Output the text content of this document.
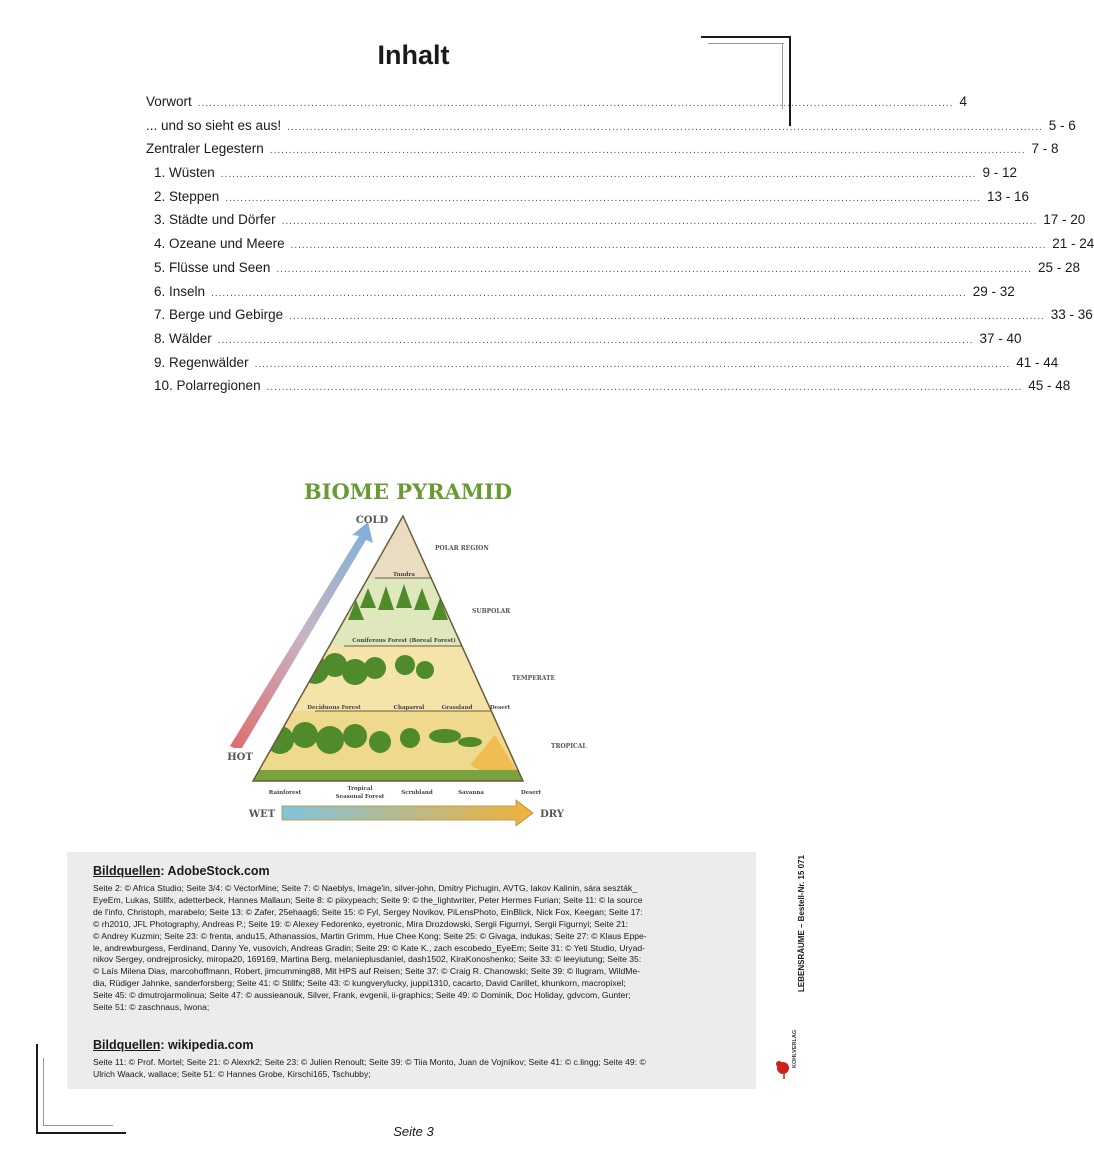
Inhalt
Vorwort ........................................................................................................................................................................................................ 4
... und so sieht es aus! ........................................................................................................................................................................................................ 5 - 6
Zentraler Legestern ........................................................................................................................................................................................................ 7 - 8
1. Wüsten ........................................................................................................................................................................................................ 9 - 12
2. Steppen ........................................................................................................................................................................................................ 13 - 16
3. Städte und Dörfer ........................................................................................................................................................................................................ 17 - 20
4. Ozeane und Meere ........................................................................................................................................................................................................ 21 - 24
5. Flüsse und Seen ........................................................................................................................................................................................................ 25 - 28
6. Inseln ........................................................................................................................................................................................................ 29 - 32
7. Berge und Gebirge ........................................................................................................................................................................................................ 33 - 36
8. Wälder ........................................................................................................................................................................................................ 37 - 40
9. Regenwälder ........................................................................................................................................................................................................ 41 - 44
10. Polarregionen ........................................................................................................................................................................................................ 45 - 48
BIOME PYRAMID
COLD
HOT
POLAR REGION
SUBPOLAR
TEMPERATE
TROPICAL
Tundra
Coniferous Forest (Boreal Forest)
Deciduous Forest	Chaparral	Grassland	Desert
Rainforest
Tropical
Seasonal Forest
Scrubland	Savanna	Desert
WET	DRY
Bildquellen: AdobeStock.com
Seite 2: © Africa Studio; Seite 3/4: © VectorMine; Seite 7: © Naeblys, Image'in, silver-john, Dmitry Pichugin, AVTG, Iakov Kalinin, sára seszták_
EyeEm, Lukas, Stillfx, adetterbeck, Hannes Mallaun; Seite 8: © piixypeach; Seite 9: © the_lightwriter, Peter Hermes Furian; Seite 11: © la source
de l'info, Christoph, marabelo; Seite 13: © Zafer, 25ehaag6; Seite 15: © Fyl, Sergey Novikov, PiLensPhoto, EinBlick, Nick Fox, Keegan; Seite 17:
© rh2010, JFL Photography, Andreas P.; Seite 19: © Alexey Fedorenko, eyetronic, Mira Drozdowski, Sergii Figurnyi, Sergii Figurnyi; Seite 21:
© Andrey Kuzmin; Seite 23: © frenta, andu15, Athanassios, Martin Grimm, Hue Chee Kong; Seite 25: © Givaga, indukas; Seite 27: © Klaus Eppe-
le, andrewburgess, Ferdinand, Danny Ye, vusovich, Andreas Gradin; Seite 29: © Kate K., zach escobedo_EyeEm; Seite 31: © Yeti Studio, Uryad-
nikov Sergey, ondrejprosicky, miropa20, 169169, Martina Berg, melanieplusdaniel, dash1502, KiraKonoshenko; Seite 33: © leeyiutung; Seite 35:
© Laís Milena Dias, marcohoffmann, Robert, jimcumming88, Mit HPS auf Reisen; Seite 37: © Craig R. Chanowski; Seite 39: © llugram, WildMe-
dia, Rüdiger Jahnke, sanderforsberg; Seite 41: © Stillfx; Seite 43: © kungverylucky, juppi1310, cacarto, David Carillet, khunkorn, macropixel;
Seite 45: © dmutrojarmolinua; Seite 47: © aussieanouk, Silver, Frank, evgenii, ii-graphics; Seite 49: © Dominik, Doc Holiday, gdvcom, Gunter;
Seite 51: © zaschnaus, Iwona;
Bildquellen: wikipedia.com
Seite 11: © Prof. Mortel; Seite 21: © Alexrk2; Seite 23: © Julien Renoult; Seite 39: © Tiia Monto, Juan de Vojníkov; Seite 41: © c.lingg; Seite 49: ©
Ulrich Waack, wallace; Seite 51: © Hannes Grobe, Kirschi165, Tschubby;
LEBENSRÄUME – Bestell-Nr. 15 071
KOHLVERLAG
Seite 3
